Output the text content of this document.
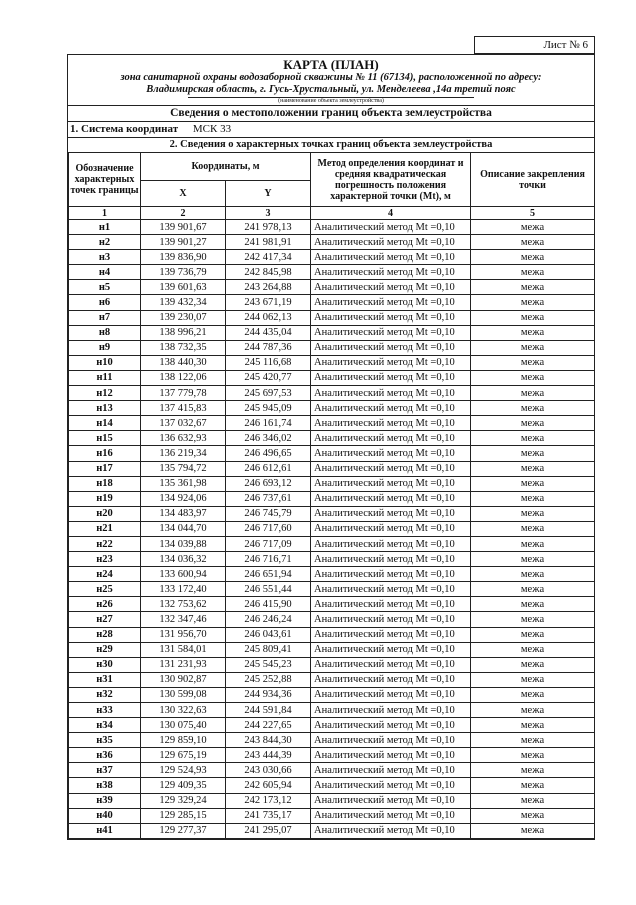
Лист № 6
КАРТА (ПЛАН)
зона санитарной охраны водозаборной скважины № 11 (67134), расположенной по адресу:
Владимирская область, г. Гусь-Хрустальный, ул. Менделеева ,14а третий пояс
(наименование объекта землеустройства)
Сведения о местоположении границ объекта землеустройства
1. Система координат МСК 33
2. Сведения о характерных точках границ объекта землеустройства
Обозначение характерных точек границы	Координаты, м		Метод определения координат и средняя квадратическая погрешность положения характерной точки (Мt), м	Описание закрепления точки
	X	Y		
1	2	3	4	5
н1	139 901,67	241 978,13	Аналитический метод Mt =0,10	межа
н2	139 901,27	241 981,91	Аналитический метод Mt =0,10	межа
н3	139 836,90	242 417,34	Аналитический метод Mt =0,10	межа
н4	139 736,79	242 845,98	Аналитический метод Mt =0,10	межа
н5	139 601,63	243 264,88	Аналитический метод Mt =0,10	межа
н6	139 432,34	243 671,19	Аналитический метод Mt =0,10	межа
н7	139 230,07	244 062,13	Аналитический метод Mt =0,10	межа
н8	138 996,21	244 435,04	Аналитический метод Mt =0,10	межа
н9	138 732,35	244 787,36	Аналитический метод Mt =0,10	межа
н10	138 440,30	245 116,68	Аналитический метод Mt =0,10	межа
н11	138 122,06	245 420,77	Аналитический метод Mt =0,10	межа
н12	137 779,78	245 697,53	Аналитический метод Mt =0,10	межа
н13	137 415,83	245 945,09	Аналитический метод Mt =0,10	межа
н14	137 032,67	246 161,74	Аналитический метод Mt =0,10	межа
н15	136 632,93	246 346,02	Аналитический метод Mt =0,10	межа
н16	136 219,34	246 496,65	Аналитический метод Mt =0,10	межа
н17	135 794,72	246 612,61	Аналитический метод Mt =0,10	межа
н18	135 361,98	246 693,12	Аналитический метод Mt =0,10	межа
н19	134 924,06	246 737,61	Аналитический метод Mt =0,10	межа
н20	134 483,97	246 745,79	Аналитический метод Mt =0,10	межа
н21	134 044,70	246 717,60	Аналитический метод Mt =0,10	межа
н22	134 039,88	246 717,09	Аналитический метод Mt =0,10	межа
н23	134 036,32	246 716,71	Аналитический метод Mt =0,10	межа
н24	133 600,94	246 651,94	Аналитический метод Mt =0,10	межа
н25	133 172,40	246 551,44	Аналитический метод Mt =0,10	межа
н26	132 753,62	246 415,90	Аналитический метод Mt =0,10	межа
н27	132 347,46	246 246,24	Аналитический метод Mt =0,10	межа
н28	131 956,70	246 043,61	Аналитический метод Mt =0,10	межа
н29	131 584,01	245 809,41	Аналитический метод Mt =0,10	межа
н30	131 231,93	245 545,23	Аналитический метод Mt =0,10	межа
н31	130 902,87	245 252,88	Аналитический метод Mt =0,10	межа
н32	130 599,08	244 934,36	Аналитический метод Mt =0,10	межа
н33	130 322,63	244 591,84	Аналитический метод Mt =0,10	межа
н34	130 075,40	244 227,65	Аналитический метод Mt =0,10	межа
н35	129 859,10	243 844,30	Аналитический метод Mt =0,10	межа
н36	129 675,19	243 444,39	Аналитический метод Mt =0,10	межа
н37	129 524,93	243 030,66	Аналитический метод Mt =0,10	межа
н38	129 409,35	242 605,94	Аналитический метод Mt =0,10	межа
н39	129 329,24	242 173,12	Аналитический метод Mt =0,10	межа
н40	129 285,15	241 735,17	Аналитический метод Mt =0,10	межа
н41	129 277,37	241 295,07	Аналитический метод Mt =0,10	межа
